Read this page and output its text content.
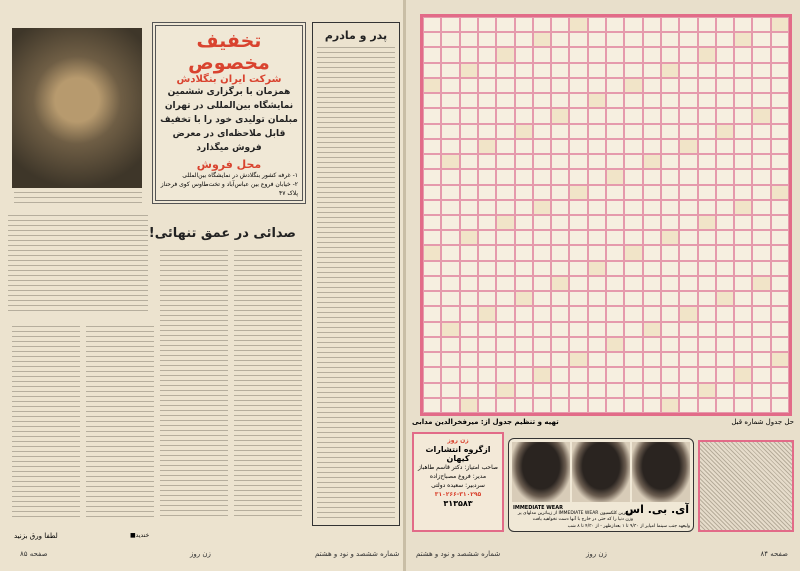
تخفیف مخصوص
شرکت ایران بنگلادش

همزمان با برگزاری ششمین نمایشگاه بین‌المللی در تهران مبلمان تولیدی خود را با تخفیف قابل ملاحظه‌ای در معرض فروش میگذارد

محل فروش
۱- غرفه کشور بنگلادش در نمایشگاه بین‌المللی
۲- خیابان فروع بین عباس‌آباد و تخت‌طاوس کوی فرحناز پلاک ۴۷
پدر و مادرم
صدائی در عمق تنهائی!
لطفا ورق بزنید	خندید■
صفحه ۸۵	زن روز	شماره ششصد و نود و هشتم
تهیه و تنظیم جدول از: میرفخرالدین مدابی	حل جدول شماره قبل
زن روز
ازگروه انتشارات کیهان
صاحب امتیاز: دکتر قاسم طاهباز
مدیر: فروغ مصباح‌زاده
سردبیر: سعیده دولتی
۳۱۰۲۶۶-۳۱۰۲۹۵
۳۱۳۵۸۳	آی. بی. اس
IMMEDIATE WEAR
زیباترین کلکسیون IMMEDIATE WEAR از زیباترین مدلهای پر وزن دنیا را که حتی در خارج با آنها دست نخواهید یافت
ولیعهد جنب سینما امپایر از ۹/۳۰ تا ۱ بعدازظهر - از ۴/۳۰ تا ۸ شب
شماره ششصد و نود و هشتم	زن روز	صفحه ۸۴
